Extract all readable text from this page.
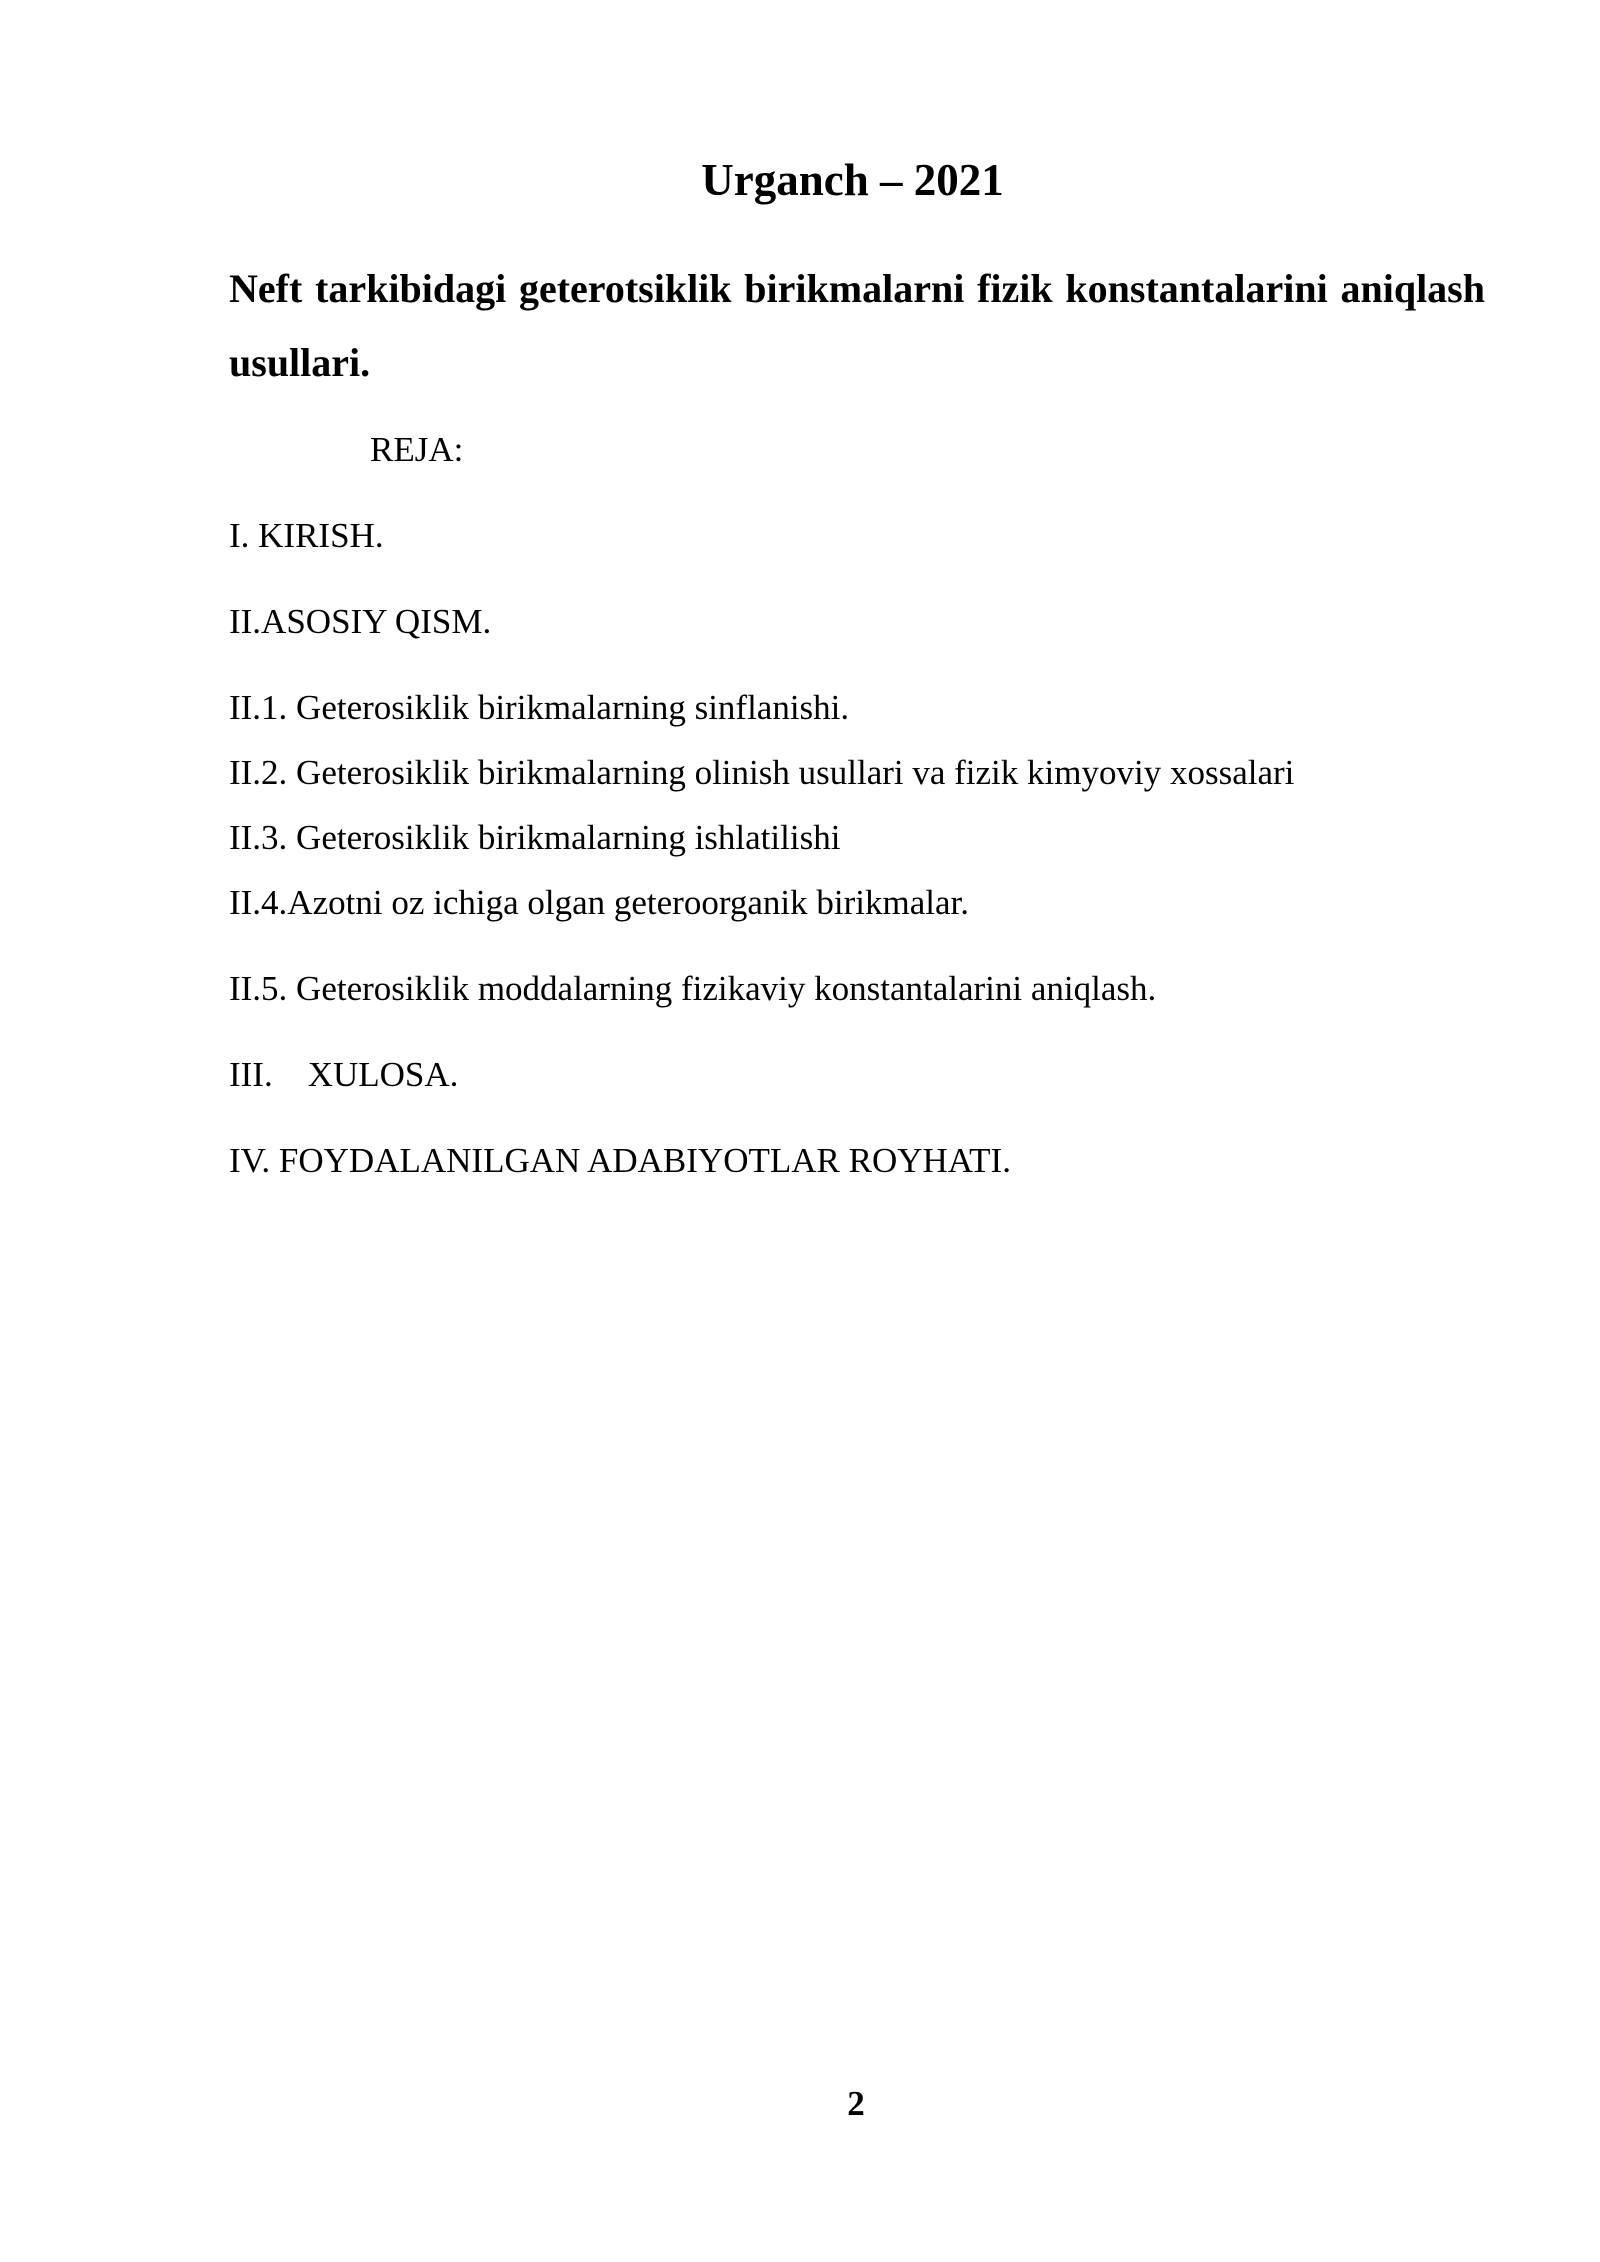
Urganch – 2021
Neft tarkibidagi geterotsiklik birikmalarni fizik konstantalarini aniqlash usullari.
REJA:
I. KIRISH.
II.ASOSIY QISM.
II.1. Geterosiklik birikmalarning sinflanishi.
II.2. Geterosiklik birikmalarning olinish usullari va fizik kimyoviy xossalari
II.3. Geterosiklik birikmalarning ishlatilishi
II.4.Azotni oz ichiga olgan geteroorganik birikmalar.
II.5. Geterosiklik moddalarning fizikaviy konstantalarini aniqlash.
III.    XULOSA.
IV. FOYDALANILGAN ADABIYOTLAR ROYHATI.
2
